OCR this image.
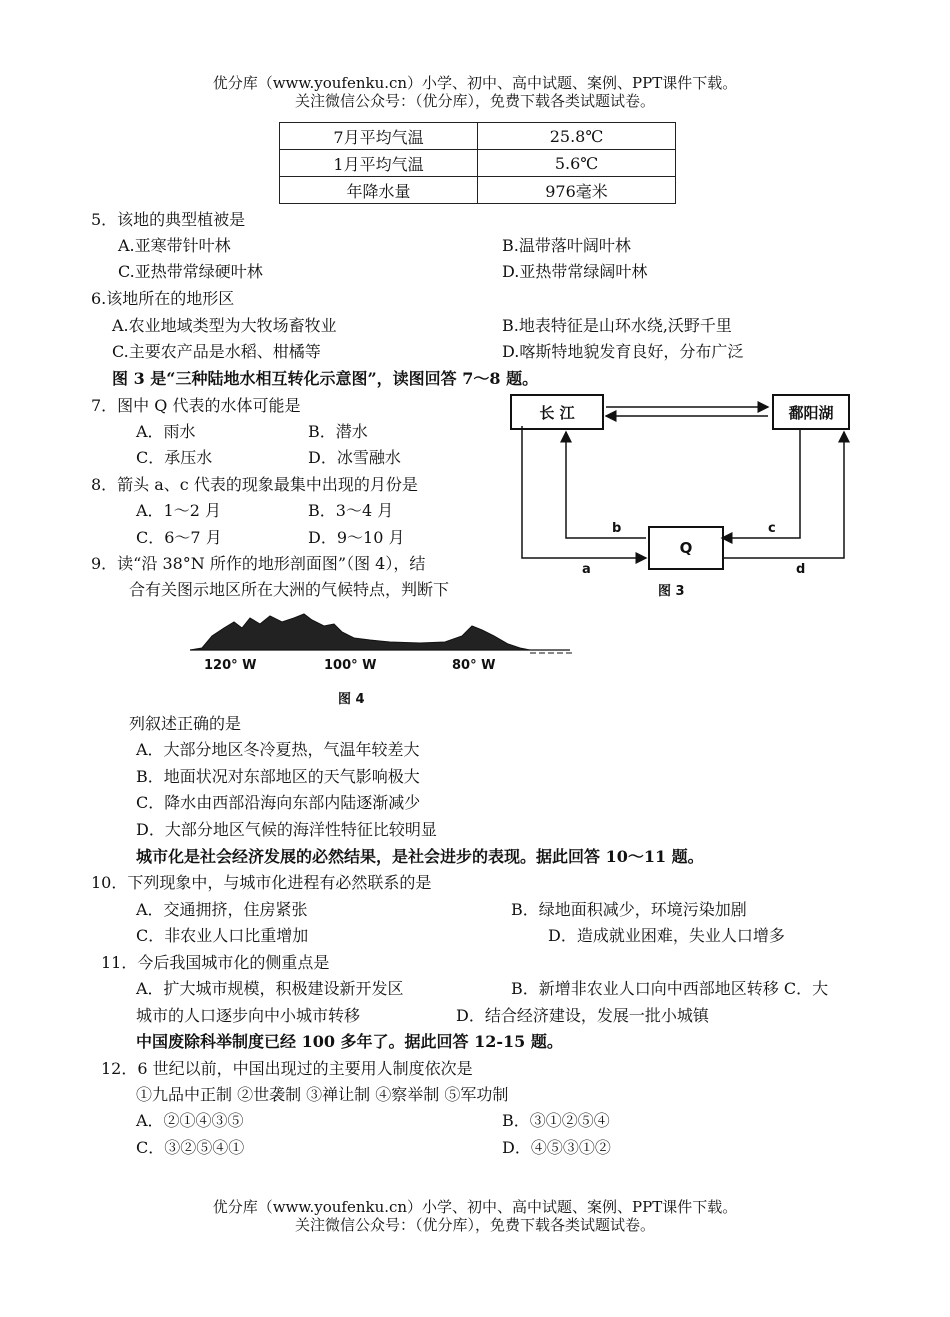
优分库（www.youfenku.cn）小学、初中、高中试题、案例、PPT课件下载。
关注微信公众号：（优分库），免费下载各类试题试卷。
7月平均气温	25.8℃
1月平均气温	5.6℃
年降水量	976毫米
5．该地的典型植被是
A.亚寒带针叶林	B.温带落叶阔叶林
C.亚热带常绿硬叶林	D.亚热带常绿阔叶林
6.该地所在的地形区
A.农业地域类型为大牧场畜牧业	B.地表特征是山环水绕,沃野千里
C.主要农产品是水稻、柑橘等	D.喀斯特地貌发育良好，分布广泛
图 3 是“三种陆地水相互转化示意图”，读图回答 7～8 题。
7．图中 Q 代表的水体可能是
A．雨水	B．潜水
C．承压水	D．冰雪融水
8．箭头 a、c 代表的现象最集中出现的月份是
A．1～2 月	B．3～4 月
C．6～7 月	D．9～10 月
9．读“沿 38°N 所作的地形剖面图”（图 4），结
合有关图示地区所在大洲的气候特点，判断下
长 江	鄱阳湖
Q
a
b	c
d
图 3
120° W	100° W	80° W
图 4
列叙述正确的是
A．大部分地区冬冷夏热，气温年较差大
B．地面状况对东部地区的天气影响极大
C．降水由西部沿海向东部内陆逐渐减少
D．大部分地区气候的海洋性特征比较明显
城市化是社会经济发展的必然结果，是社会进步的表现。据此回答 10～11 题。
10．下列现象中，与城市化进程有必然联系的是
A．交通拥挤，住房紧张	B．绿地面积减少，环境污染加剧
C．非农业人口比重增加	D．造成就业困难，失业人口增多
11．今后我国城市化的侧重点是
A．扩大城市规模，积极建设新开发区	B．新增非农业人口向中西部地区转移 C．大
城市的人口逐步向中小城市转移	D．结合经济建设，发展一批小城镇
中国废除科举制度已经 100 多年了。据此回答 12-15 题。
12．6 世纪以前，中国出现过的主要用人制度依次是
①九品中正制 ②世袭制 ③禅让制 ④察举制 ⑤军功制
A．②①④③⑤	B．③①②⑤④
C．③②⑤④①	D．④⑤③①②
优分库（www.youfenku.cn）小学、初中、高中试题、案例、PPT课件下载。
关注微信公众号：（优分库），免费下载各类试题试卷。
